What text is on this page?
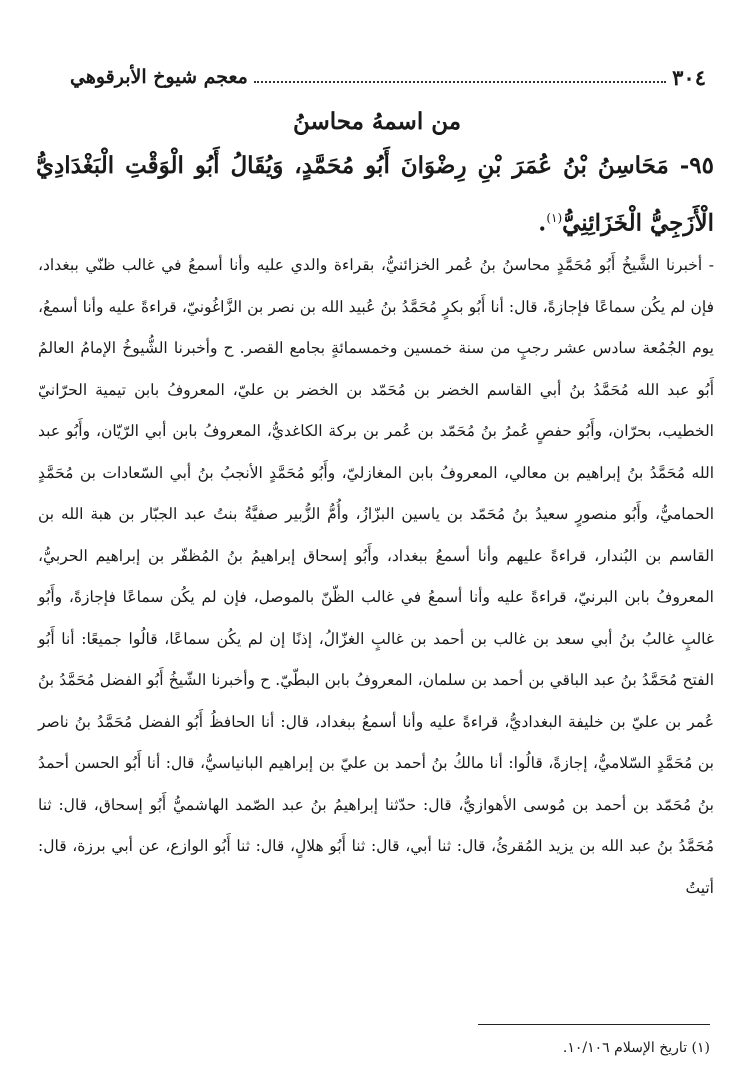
٣٠٤
معجم شيوخ الأبرقوهي
من اسمهُ محاسنُ
٩٥- مَحَاسِنُ بْنُ عُمَرَ بْنِ رِضْوَانَ أَبُو مُحَمَّدٍ، وَيُقَالُ أَبُو الْوَقْتِ الْبَغْدَادِيُّ الْأَزَجِيُّ الْخَزَائِنِيُّ$^{(١)}$.

- أخبرنا الشَّيخُ أَبُو مُحَمَّدٍ محاسنُ بنُ عُمر الخزائنيُّ، بقراءة والدي عليه وأنا أسمعُ في غالب ظنّي ببغداد، فإن لم يكُن سماعًا فإجازةً، قال: أنا أَبُو بكرٍ مُحَمَّدُ بنُ عُبيد الله بن نصر بن الزَّاغُونيّ، قراءةً عليه وأنا أسمعُ، يوم الجُمُعة سادس عشر رجبٍ من سنة خمسين وخمسمائةٍ بجامع القصر. ح وأخبرنا الشُّيوخُ الإمامُ العالمُ أَبُو عبد الله مُحَمَّدُ بنُ أبي القاسم الخضر بن مُحَمّد بن الخضر بن عليّ، المعروفُ بابن تيمية الحرّانيّ الخطيب، بحرّان، وأَبُو حفصٍ عُمرُ بنُ مُحَمّد بن عُمر بن بركة الكاغديُّ، المعروفُ بابن أبي الرّيّان، وأَبُو عبد الله مُحَمَّدُ بنُ إبراهيم بن معالي، المعروفُ بابن المغازليّ، وأَبُو مُحَمَّدٍ الأنجبُ بنُ أبي السّعادات بن مُحَمَّدٍ الحماميُّ، وأَبُو منصورٍ سعيدُ بنُ مُحَمّد بن ياسين البزّازُ، وأُمُّ الزُّبير صفيَّةُ بنتُ عبد الجبّار بن هبة الله بن القاسم بن البُندار، قراءةً عليهم وأنا أسمعُ ببغداد، وأَبُو إسحاق إبراهيمُ بنُ المُظفّر بن إبراهيم الحربيُّ، المعروفُ بابن البرنيّ، قراءةً عليه وأنا أسمعُ في غالب الظّنّ بالموصل، فإن لم يكُن سماعًا فإجازةً، وأَبُو غالبٍ غالبُ بنُ أبي سعد بن غالب بن أحمد بن غالبٍ الغزّالُ، إذنًا إن لم يكُن سماعًا، قالُوا جميعًا: أنا أَبُو الفتح مُحَمَّدُ بنُ عبد الباقي بن أحمد بن سلمان، المعروفُ بابن البطّيّ. ح وأخبرنا الشّيخُ أَبُو الفضل مُحَمَّدُ بنُ عُمر بن عليّ بن خليفة البغداديُّ، قراءةً عليه وأنا أسمعُ ببغداد، قال: أنا الحافظُ أَبُو الفضل مُحَمَّدُ بنُ ناصر بن مُحَمَّدٍ السّلاميُّ، إجازةً، قالُوا: أنا مالكُ بنُ أحمد بن عليّ بن إبراهيم البانياسيُّ، قال: أنا أَبُو الحسن أحمدُ بنُ مُحَمّد بن أحمد بن مُوسى الأهوازيُّ، قال: حدّثنا إبراهيمُ بنُ عبد الصّمد الهاشميُّ أَبُو إسحاق، قال: ثنا مُحَمَّدُ بنُ عبد الله بن يزيد المُقرئُ، قال: ثنا أبي، قال: ثنا أَبُو هلالٍ، قال: ثنا أَبُو الوازع، عن أبي برزة، قال: أتيتُ

(١) تاريخ الإسلام ١٠/١٠٦.
